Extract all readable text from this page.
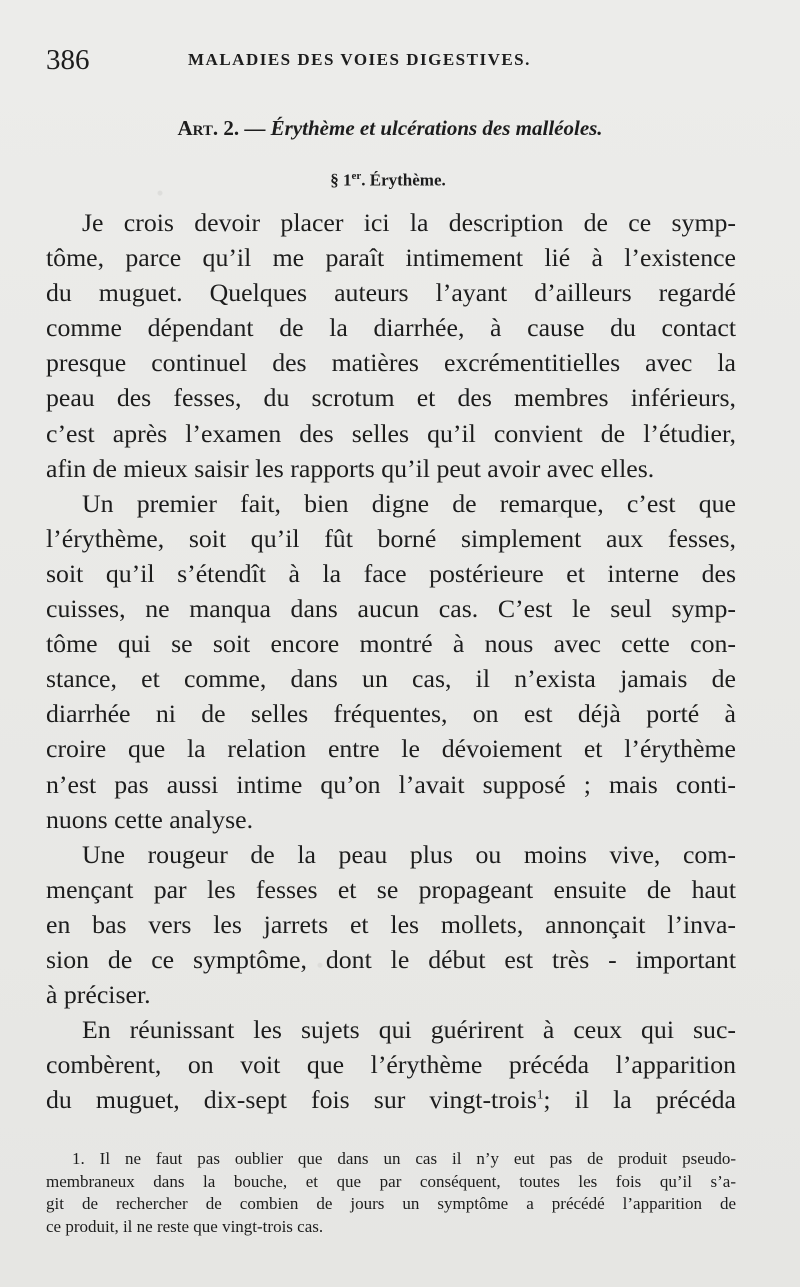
386	MALADIES DES VOIES DIGESTIVES.
Art. 2. — Érythème et ulcérations des malléoles.
§ 1er. Érythème.
Je crois devoir placer ici la description de ce symp-
tôme, parce qu’il me paraît intimement lié à l’existence
du muguet. Quelques auteurs l’ayant d’ailleurs regardé
comme dépendant de la diarrhée, à cause du contact
presque continuel des matières excrémentitielles avec la
peau des fesses, du scrotum et des membres inférieurs,
c’est après l’examen des selles qu’il convient de l’étudier,
afin de mieux saisir les rapports qu’il peut avoir avec elles.
Un premier fait, bien digne de remarque, c’est que
l’érythème, soit qu’il fût borné simplement aux fesses,
soit qu’il s’étendît à la face postérieure et interne des
cuisses, ne manqua dans aucun cas. C’est le seul symp-
tôme qui se soit encore montré à nous avec cette con-
stance, et comme, dans un cas, il n’exista jamais de
diarrhée ni de selles fréquentes, on est déjà porté à
croire que la relation entre le dévoiement et l’érythème
n’est pas aussi intime qu’on l’avait supposé ; mais conti-
nuons cette analyse.
Une rougeur de la peau plus ou moins vive, com-
mençant par les fesses et se propageant ensuite de haut
en bas vers les jarrets et les mollets, annonçait l’inva-
sion de ce symptôme, dont le début est très - important
à préciser.
En réunissant les sujets qui guérirent à ceux qui suc-
combèrent, on voit que l’érythème précéda l’apparition
du muguet, dix-sept fois sur vingt-trois$^1$; il la précéda
1. Il ne faut pas oublier que dans un cas il n’y eut pas de produit pseudo-
membraneux dans la bouche, et que par conséquent, toutes les fois qu’il s’a-
git de rechercher de combien de jours un symptôme a précédé l’apparition de
ce produit, il ne reste que vingt-trois cas.
